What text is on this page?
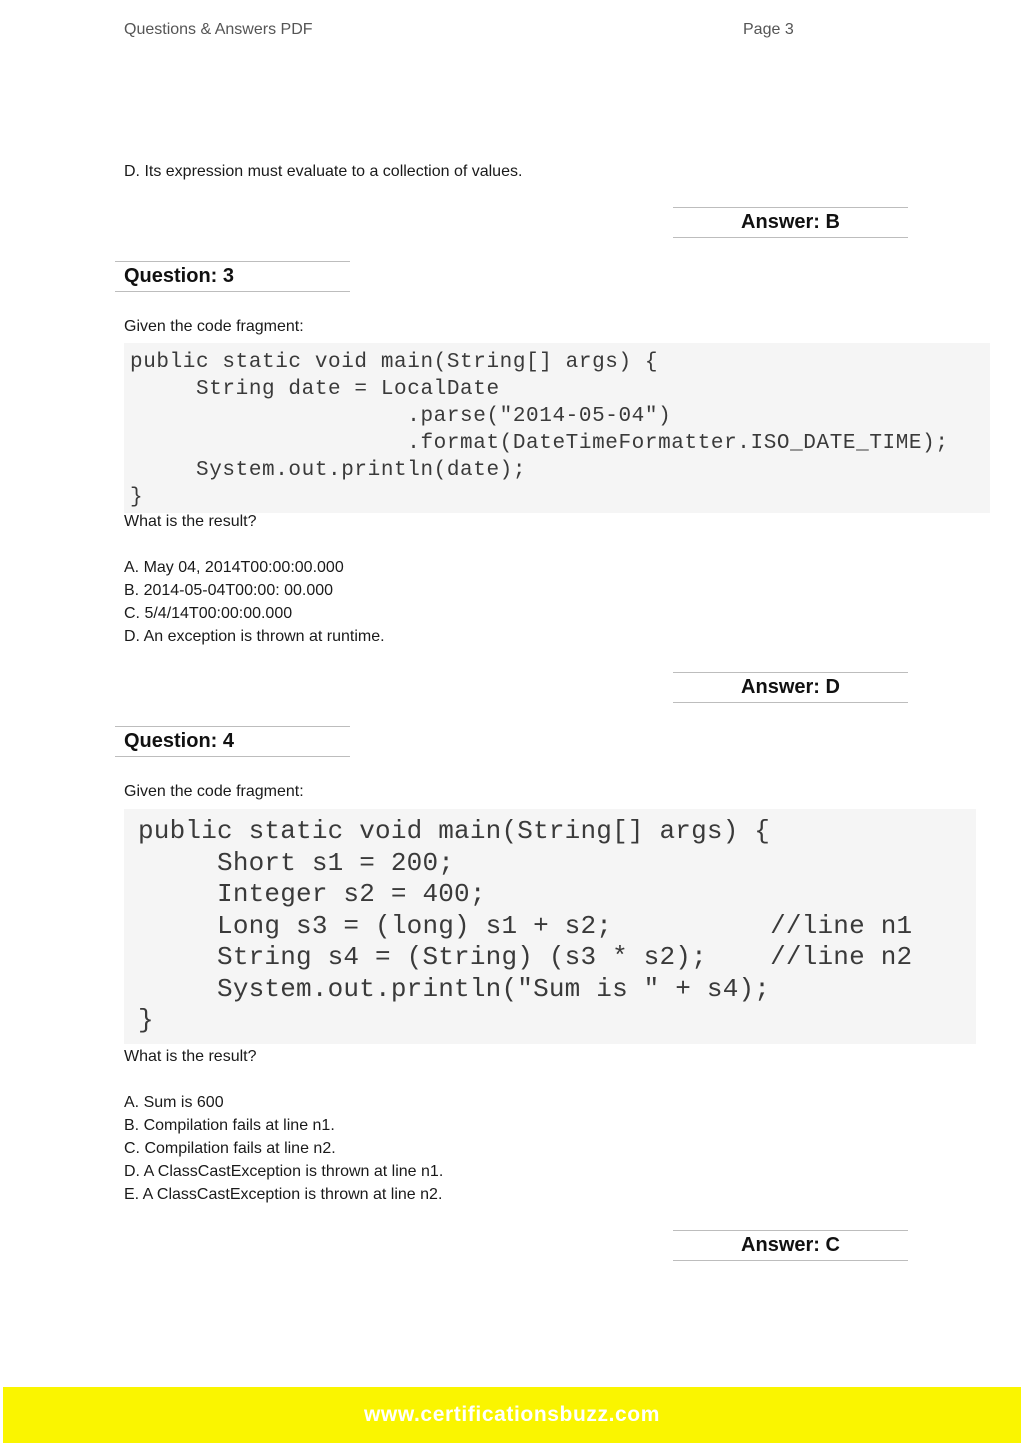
Questions & Answers PDF	Page 3
D. Its expression must evaluate to a collection of values.
Answer: B
Question: 3
Given the code fragment:
public static void main(String[] args) {
String date = LocalDate
.parse("2014-05-04")
.format(DateTimeFormatter.ISO_DATE_TIME);
System.out.println(date);
}
What is the result?
A. May 04, 2014T00:00:00.000
B. 2014-05-04T00:00: 00.000
C. 5/4/14T00:00:00.000
D. An exception is thrown at runtime.
Answer: D
Question: 4
Given the code fragment:
public static void main(String[] args) {
Short s1 = 200;
Integer s2 = 400;
Long s3 = (long) s1 + s2;          //line n1
String s4 = (String) (s3 * s2);    //line n2
System.out.println("Sum is " + s4);
}
What is the result?
A. Sum is 600
B. Compilation fails at line n1.
C. Compilation fails at line n2.
D. A ClassCastException is thrown at line n1.
E. A ClassCastException is thrown at line n2.
Answer: C
www.certificationsbuzz.com
